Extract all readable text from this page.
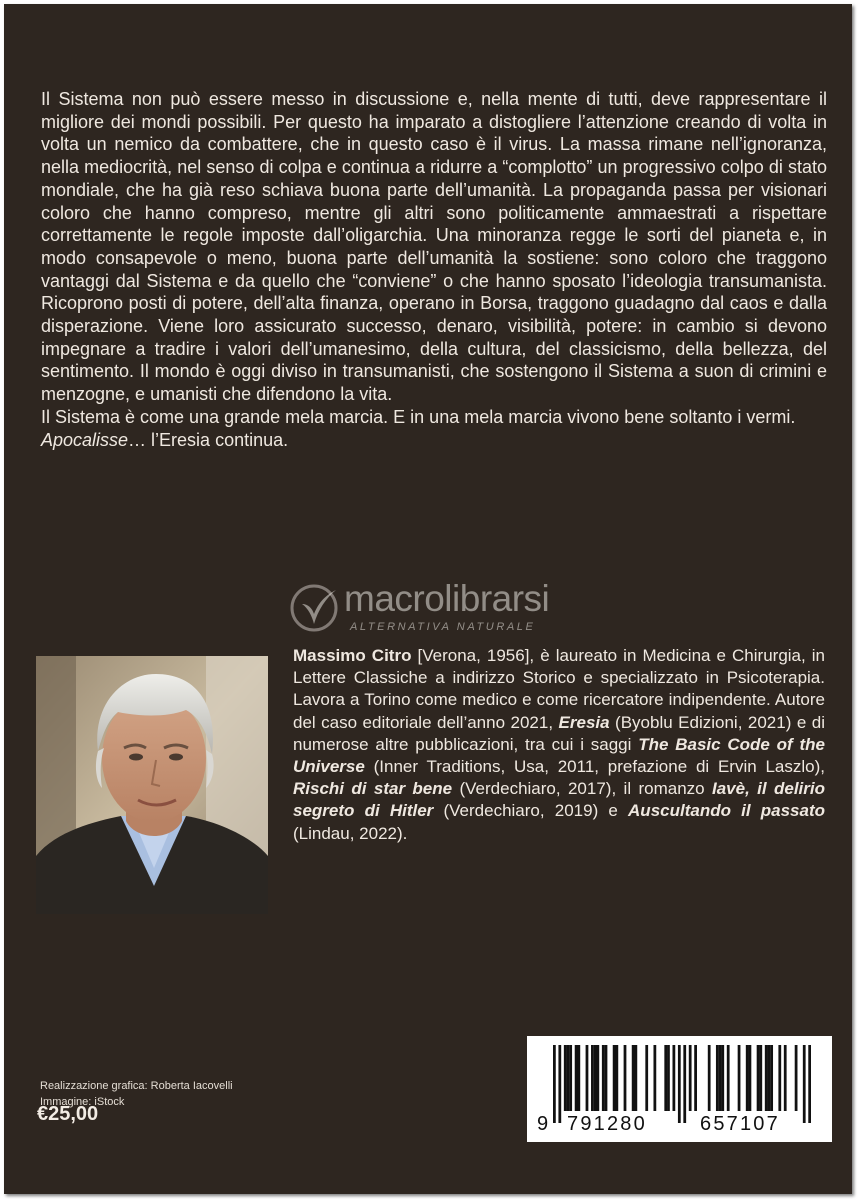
Il Sistema non può essere messo in discussione e, nella mente di tutti, deve rappresentare il migliore dei mondi possibili. Per questo ha imparato a distogliere l’attenzione creando di volta in volta un nemico da combattere, che in questo caso è il virus. La massa rimane nell’ignoranza, nella mediocrità, nel senso di colpa e continua a ridurre a “complotto” un progressivo colpo di stato mondiale, che ha già reso schiava buona parte dell’umanità. La propaganda passa per visionari coloro che hanno compreso, mentre gli altri sono politicamente ammaestrati a rispettare correttamente le regole imposte dall’oligarchia. Una minoranza regge le sorti del pianeta e, in modo consapevole o meno, buona parte dell’umanità la sostiene: sono coloro che traggono vantaggi dal Sistema e da quello che “conviene” o che hanno sposato l’ideologia transumanista. Ricoprono posti di potere, dell’alta finanza, operano in Borsa, traggono guadagno dal caos e dalla disperazione. Viene loro assicurato successo, denaro, visibilità, potere: in cambio si devono impegnare a tradire i valori dell’umanesimo, della cultura, del classicismo, della bellezza, del sentimento. Il mondo è oggi diviso in transumanisti, che sostengono il Sistema a suon di crimini e menzogne, e umanisti che difendono la vita.

Il Sistema è come una grande mela marcia. E in una mela marcia vivono bene soltanto i vermi.

Apocalisse… l’Eresia continua.

macrolibrarsi
ALTERNATIVA NATURALE

Massimo Citro [Verona, 1956], è laureato in Medicina e Chirurgia, in Lettere Classiche a indirizzo Storico e specializzato in Psicoterapia. Lavora a Torino come medico e come ricercatore indipendente. Autore del caso editoriale dell’anno 2021, Eresia (Byoblu Edizioni, 2021) e di numerose altre pubblicazioni, tra cui i saggi The Basic Code of the Universe (Inner Traditions, Usa, 2011, prefazione di Ervin Laszlo), Rischi di star bene (Verdechiaro, 2017), il romanzo Iavè, il delirio segreto di Hitler (Verdechiaro, 2019) e Auscultando il passato (Lindau, 2022).

Realizzazione grafica: Roberta Iacovelli
Immagine: iStock
€25,00	9 791280	657107
